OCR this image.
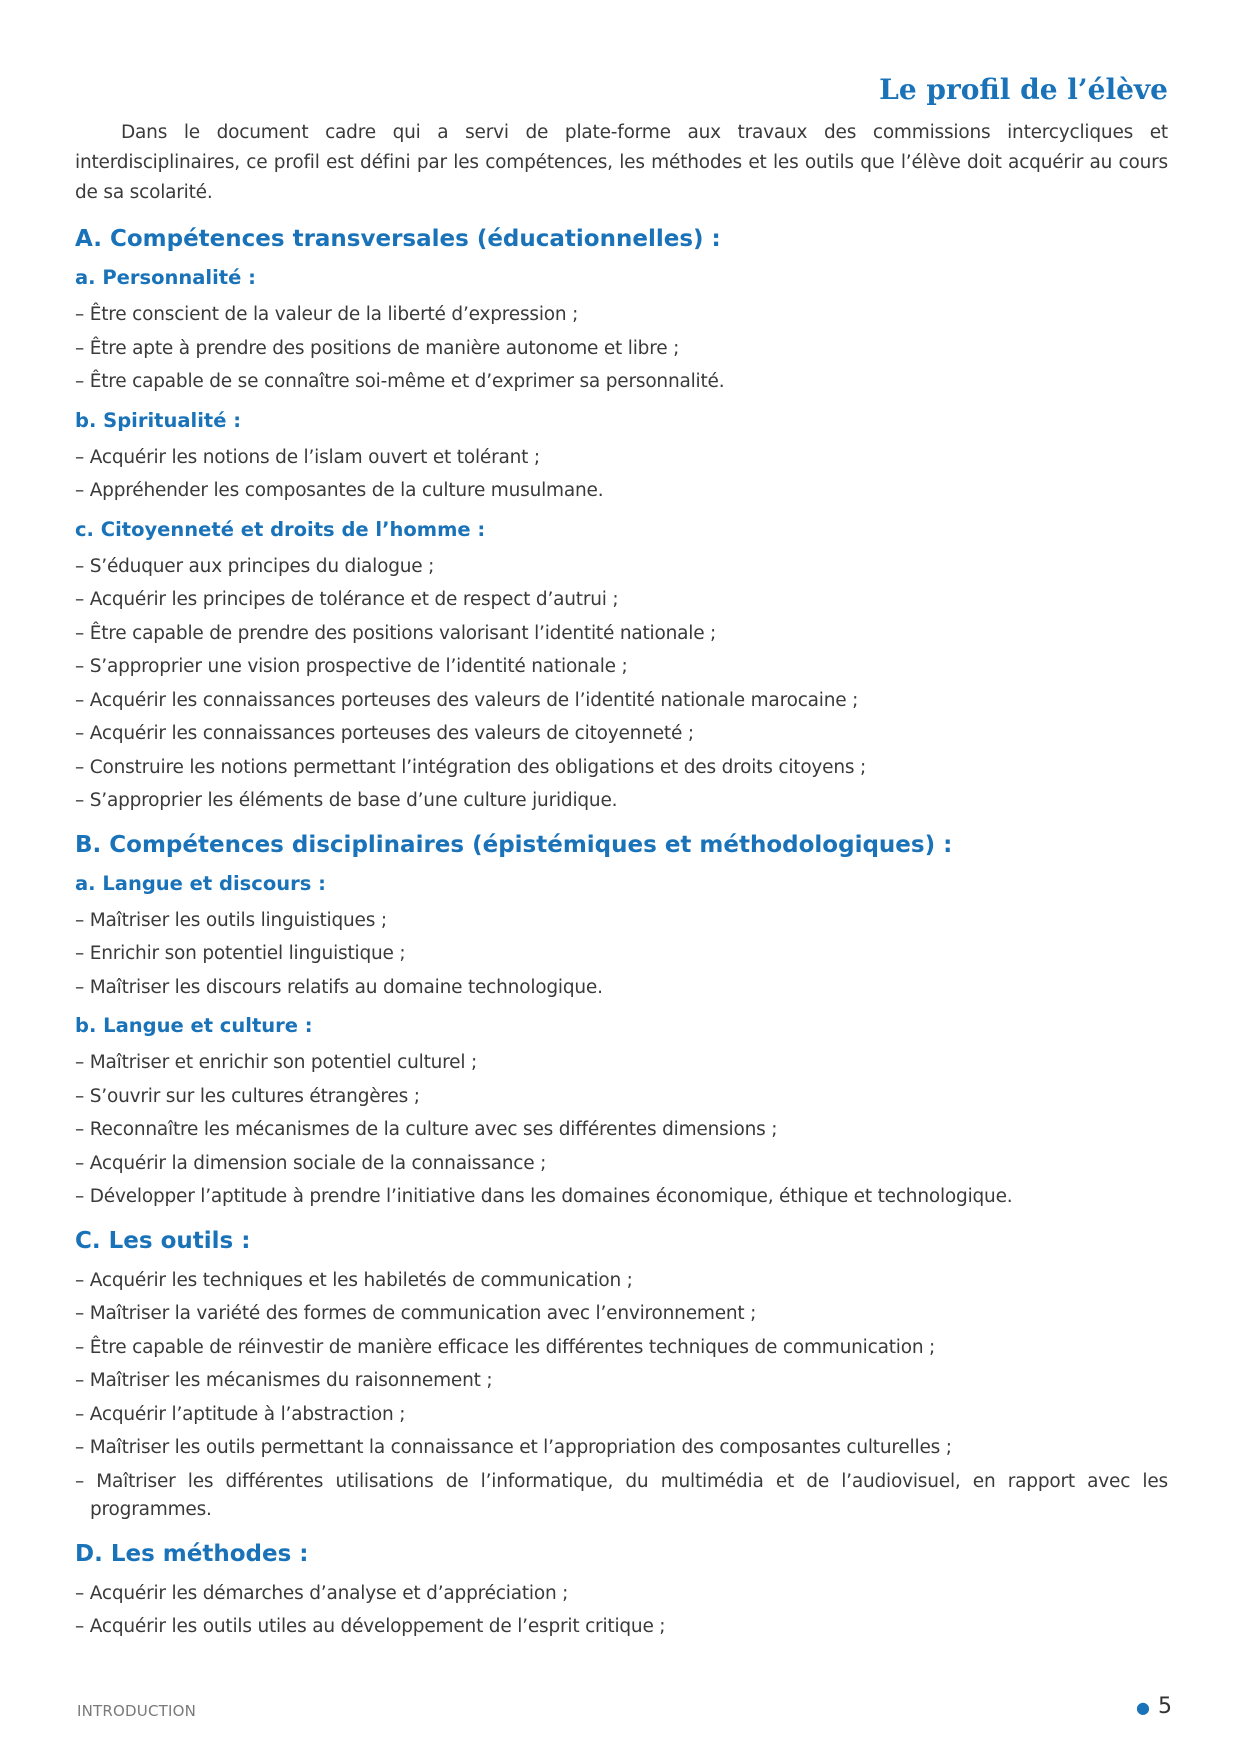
Le profil de l’élève

Dans le document cadre qui a servi de plate-forme aux travaux des commissions intercycliques et interdisciplinaires, ce profil est défini par les compétences, les méthodes et les outils que l’élève doit acquérir au cours de sa scolarité.

A. Compétences transversales (éducationnelles) :
a. Personnalité :
– Être conscient de la valeur de la liberté d’expression ;
– Être apte à prendre des positions de manière autonome et libre ;
– Être capable de se connaître soi-même et d’exprimer sa personnalité.
b. Spiritualité :
– Acquérir les notions de l’islam ouvert et tolérant ;
– Appréhender les composantes de la culture musulmane.
c. Citoyenneté et droits de l’homme :
– S’éduquer aux principes du dialogue ;
– Acquérir les principes de tolérance et de respect d’autrui ;
– Être capable de prendre des positions valorisant l’identité nationale ;
– S’approprier une vision prospective de l’identité nationale ;
– Acquérir les connaissances porteuses des valeurs de l’identité nationale marocaine ;
– Acquérir les connaissances porteuses des valeurs de citoyenneté ;
– Construire les notions permettant l’intégration des obligations et des droits citoyens ;
– S’approprier les éléments de base d’une culture juridique.
B. Compétences disciplinaires (épistémiques et méthodologiques) :
a. Langue et discours :
– Maîtriser les outils linguistiques ;
– Enrichir son potentiel linguistique ;
– Maîtriser les discours relatifs au domaine technologique.
b. Langue et culture :
– Maîtriser et enrichir son potentiel culturel ;
– S’ouvrir sur les cultures étrangères ;
– Reconnaître les mécanismes de la culture avec ses différentes dimensions ;
– Acquérir la dimension sociale de la connaissance ;
– Développer l’aptitude à prendre l’initiative dans les domaines économique, éthique et technologique.
C. Les outils :
– Acquérir les techniques et les habiletés de communication ;
– Maîtriser la variété des formes de communication avec l’environnement ;
– Être capable de réinvestir de manière efficace les différentes techniques de communication ;
– Maîtriser les mécanismes du raisonnement ;
– Acquérir l’aptitude à l’abstraction ;
– Maîtriser les outils permettant la connaissance et l’appropriation des composantes culturelles ;
– Maîtriser les différentes utilisations de l’informatique, du multimédia et de l’audiovisuel, en rapport avec les programmes.
D. Les méthodes :
– Acquérir les démarches d’analyse et d’appréciation ;
– Acquérir les outils utiles au développement de l’esprit critique ;
INTRODUCTION	● 5
